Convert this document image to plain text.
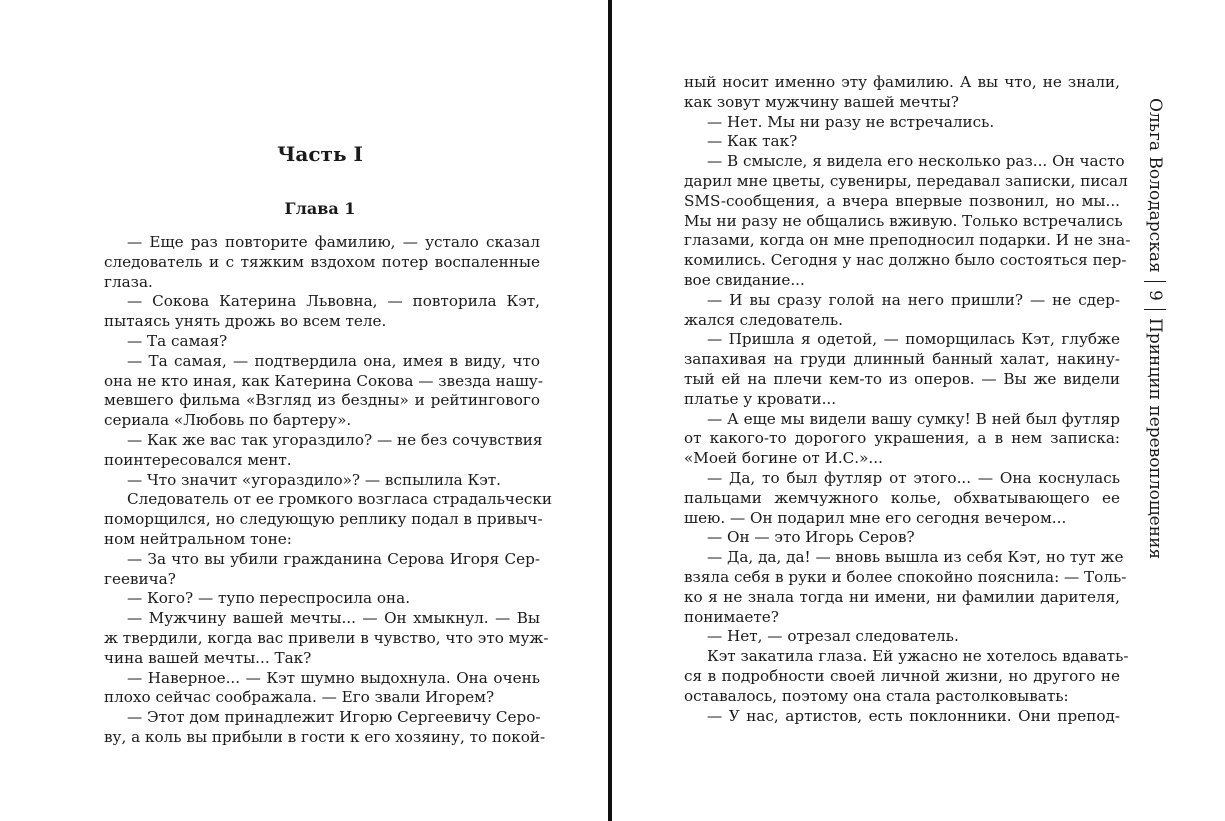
Часть I
Глава 1
— Еще раз повторите фамилию, — устало сказал
следователь и с тяжким вздохом потер воспаленные
глаза.
— Сокова Катерина Львовна, — повторила Кэт,
пытаясь унять дрожь во всем теле.
— Та самая?
— Та самая, — подтвердила она, имея в виду, что
она не кто иная, как Катерина Сокова — звезда нашу-
мевшего фильма «Взгляд из бездны» и рейтингового
сериала «Любовь по бартеру».
— Как же вас так угораздило? — не без сочувствия
поинтересовался мент.
— Что значит «угораздило»? — вспылила Кэт.
Следователь от ее громкого возгласа страдальчески
поморщился, но следующую реплику подал в привыч-
ном нейтральном тоне:
— За что вы убили гражданина Серова Игоря Сер-
геевича?
— Кого? — тупо переспросила она.
— Мужчину вашей мечты... — Он хмыкнул. — Вы
ж твердили, когда вас привели в чувство, что это муж-
чина вашей мечты... Так?
— Наверное... — Кэт шумно выдохнула. Она очень
плохо сейчас соображала. — Его звали Игорем?
— Этот дом принадлежит Игорю Сергеевичу Серо-
ву, а коль вы прибыли в гости к его хозяину, то покой-
ный носит именно эту фамилию. А вы что, не знали,
как зовут мужчину вашей мечты?
— Нет. Мы ни разу не встречались.
— Как так?
— В смысле, я видела его несколько раз... Он часто
дарил мне цветы, сувениры, передавал записки, писал
SMS-сообщения, а вчера впервые позвонил, но мы...
Мы ни разу не общались вживую. Только встречались
глазами, когда он мне преподносил подарки. И не зна-
комились. Сегодня у нас должно было состояться пер-
вое свидание...
— И вы сразу голой на него пришли? — не сдер-
жался следователь.
— Пришла я одетой, — поморщилась Кэт, глубже
запахивая на груди длинный банный халат, накину-
тый ей на плечи кем-то из оперов. — Вы же видели
платье у кровати...
— А еще мы видели вашу сумку! В ней был футляр
от какого-то дорогого украшения, а в нем записка:
«Моей богине от И.С.»...
— Да, то был футляр от этого... — Она коснулась
пальцами жемчужного колье, обхватывающего ее
шею. — Он подарил мне его сегодня вечером...
— Он — это Игорь Серов?
— Да, да, да! — вновь вышла из себя Кэт, но тут же
взяла себя в руки и более спокойно пояснила: — Толь-
ко я не знала тогда ни имени, ни фамилии дарителя,
понимаете?
— Нет, — отрезал следователь.
Кэт закатила глаза. Ей ужасно не хотелось вдавать-
ся в подробности своей личной жизни, но другого не
оставалось, поэтому она стала растолковывать:
— У нас, артистов, есть поклонники. Они препод-
Ольга Володарская
9
Принцип перевоплощения
